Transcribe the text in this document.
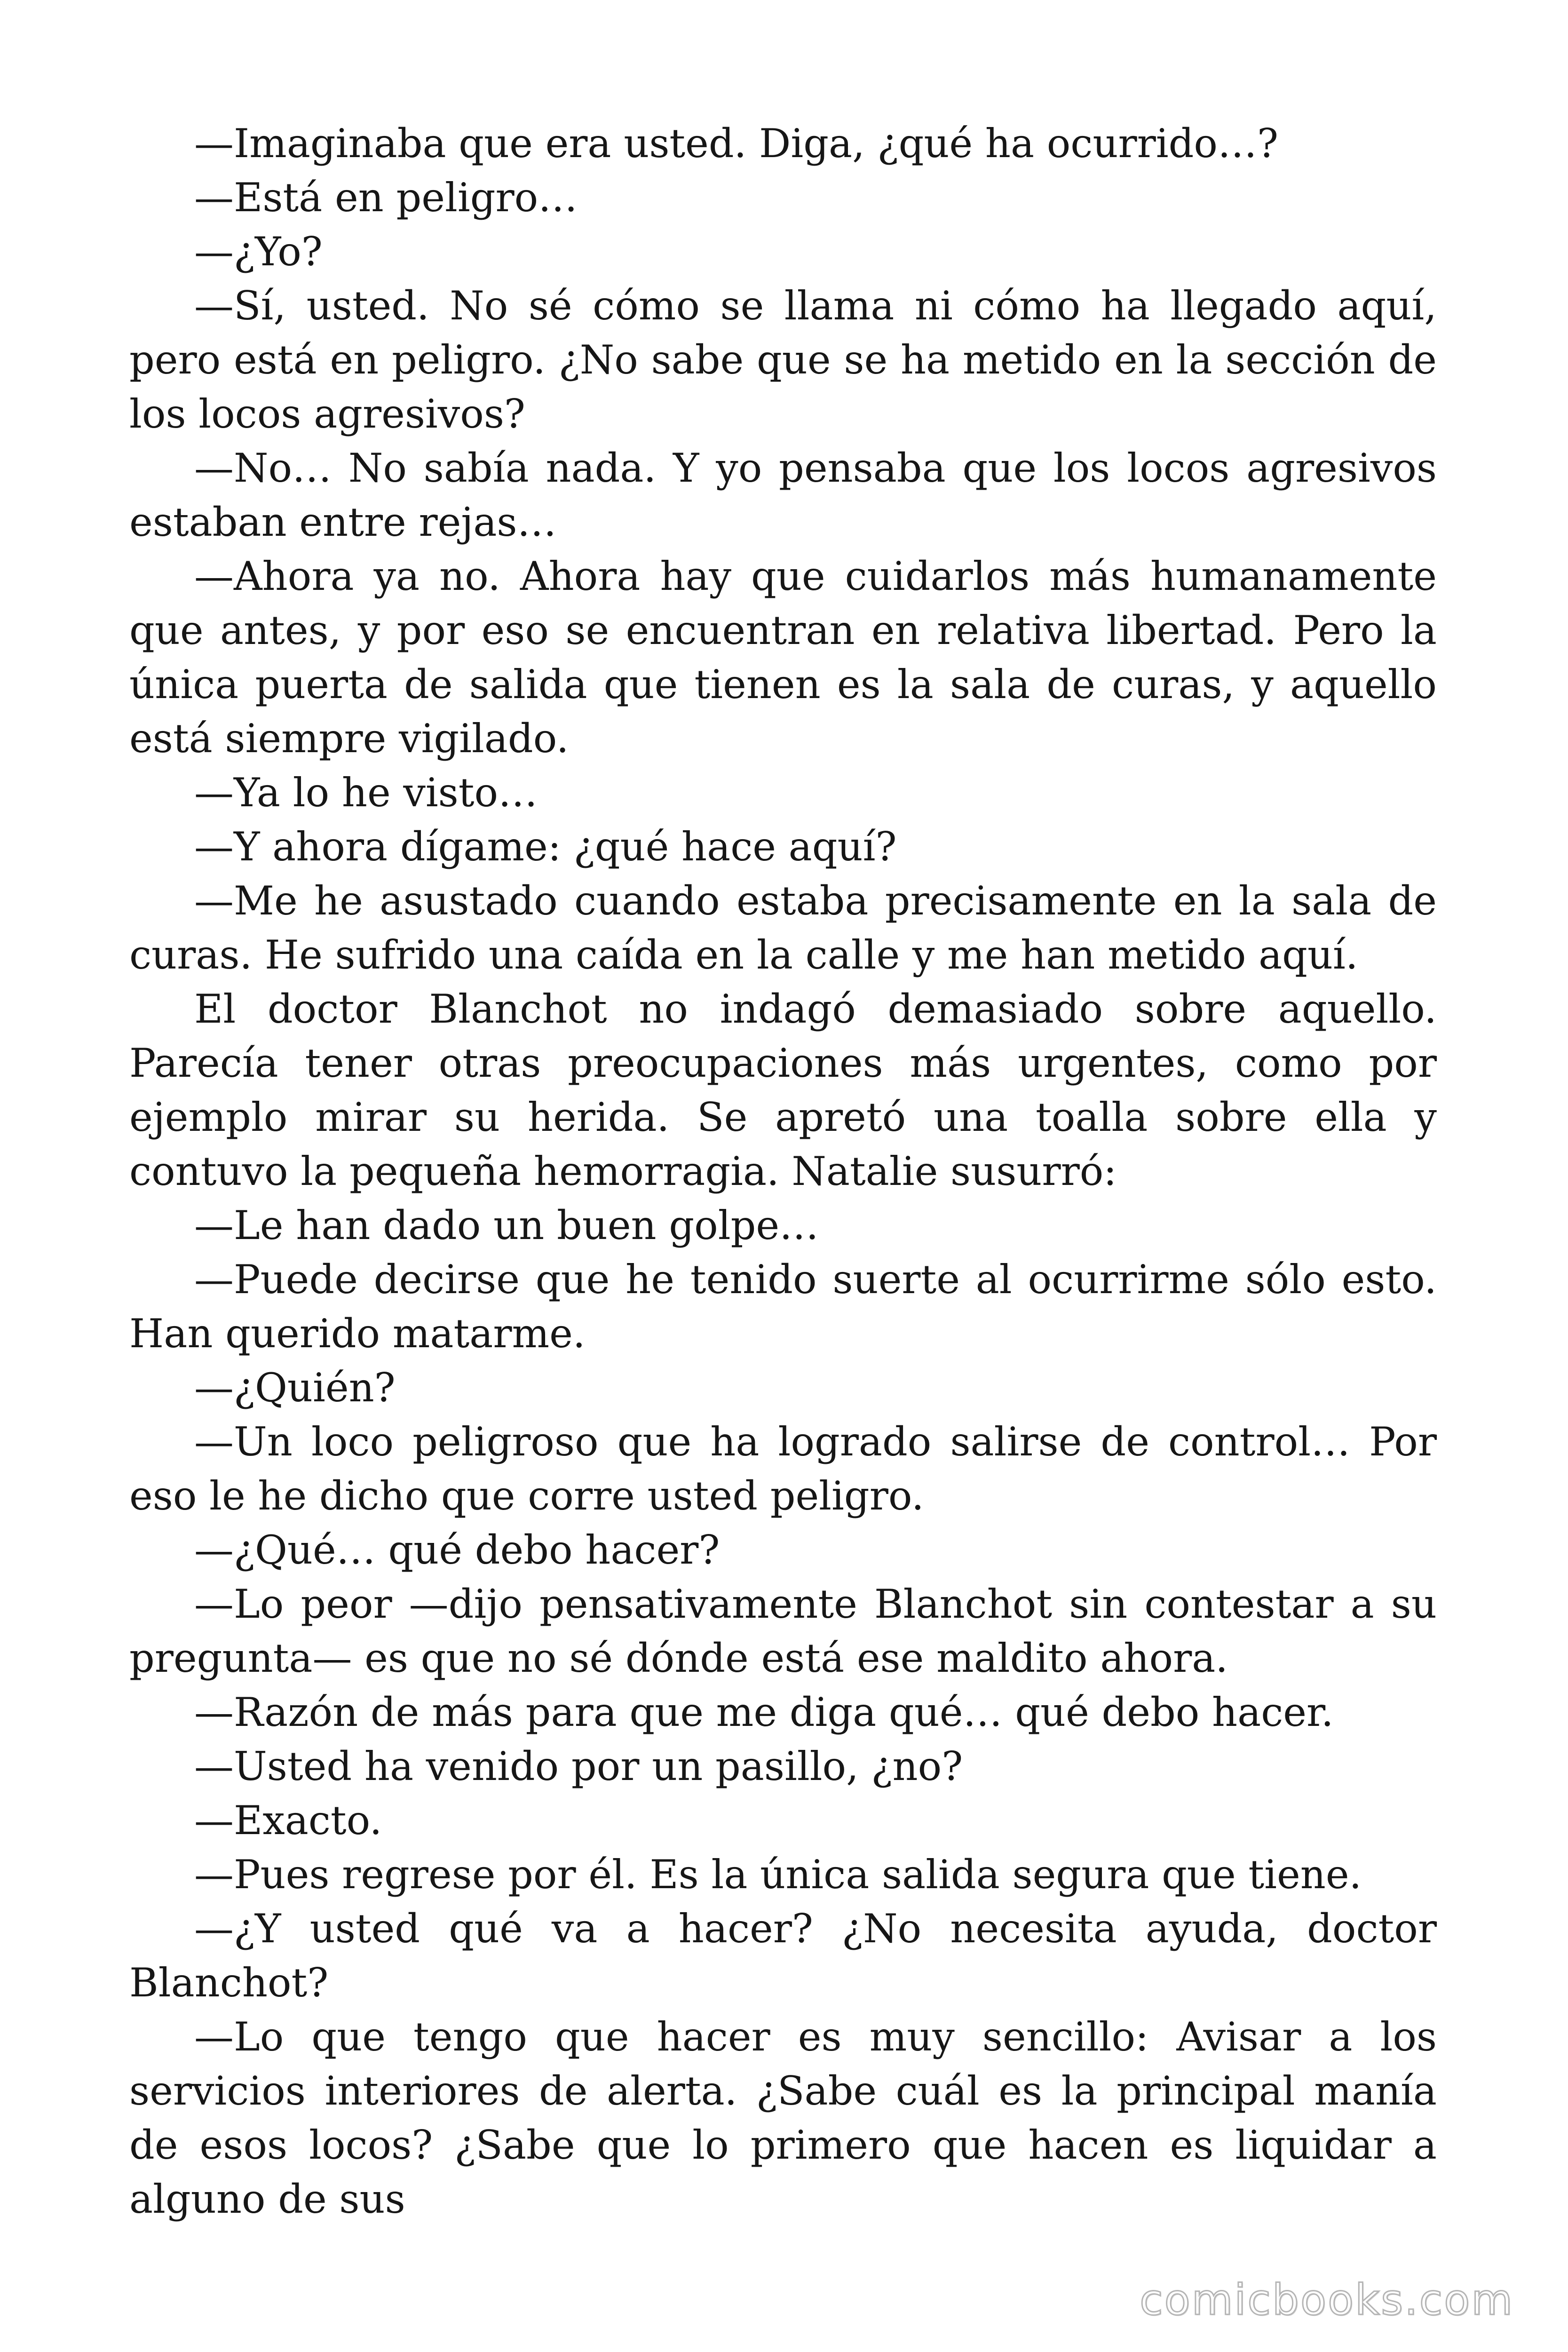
—Imaginaba que era usted. Diga, ¿qué ha ocurrido…?

—Está en peligro…

—¿Yo?

—Sí, usted. No sé cómo se llama ni cómo ha llegado aquí, pero está en peligro. ¿No sabe que se ha metido en la sección de los locos agresivos?

—No… No sabía nada. Y yo pensaba que los locos agresivos estaban entre rejas…

—Ahora ya no. Ahora hay que cuidarlos más humanamente que antes, y por eso se encuentran en relativa libertad. Pero la única puerta de salida que tienen es la sala de curas, y aquello está siempre vigilado.

—Ya lo he visto…

—Y ahora dígame: ¿qué hace aquí?

—Me he asustado cuando estaba precisamente en la sala de curas. He sufrido una caída en la calle y me han metido aquí.

El doctor Blanchot no indagó demasiado sobre aquello. Parecía tener otras preocupaciones más urgentes, como por ejemplo mirar su herida. Se apretó una toalla sobre ella y contuvo la pequeña hemorragia. Natalie susurró:

—Le han dado un buen golpe…

—Puede decirse que he tenido suerte al ocurrirme sólo esto. Han querido matarme.

—¿Quién?

—Un loco peligroso que ha logrado salirse de control… Por eso le he dicho que corre usted peligro.

—¿Qué… qué debo hacer?

—Lo peor —dijo pensativamente Blanchot sin contestar a su pregunta— es que no sé dónde está ese maldito ahora.

—Razón de más para que me diga qué… qué debo hacer.

—Usted ha venido por un pasillo, ¿no?

—Exacto.

—Pues regrese por él. Es la única salida segura que tiene.

—¿Y usted qué va a hacer? ¿No necesita ayuda, doctor Blanchot?

—Lo que tengo que hacer es muy sencillo: Avisar a los servicios interiores de alerta. ¿Sabe cuál es la principal manía de esos locos? ¿Sabe que lo primero que hacen es liquidar a alguno de sus

comicbooks.com
